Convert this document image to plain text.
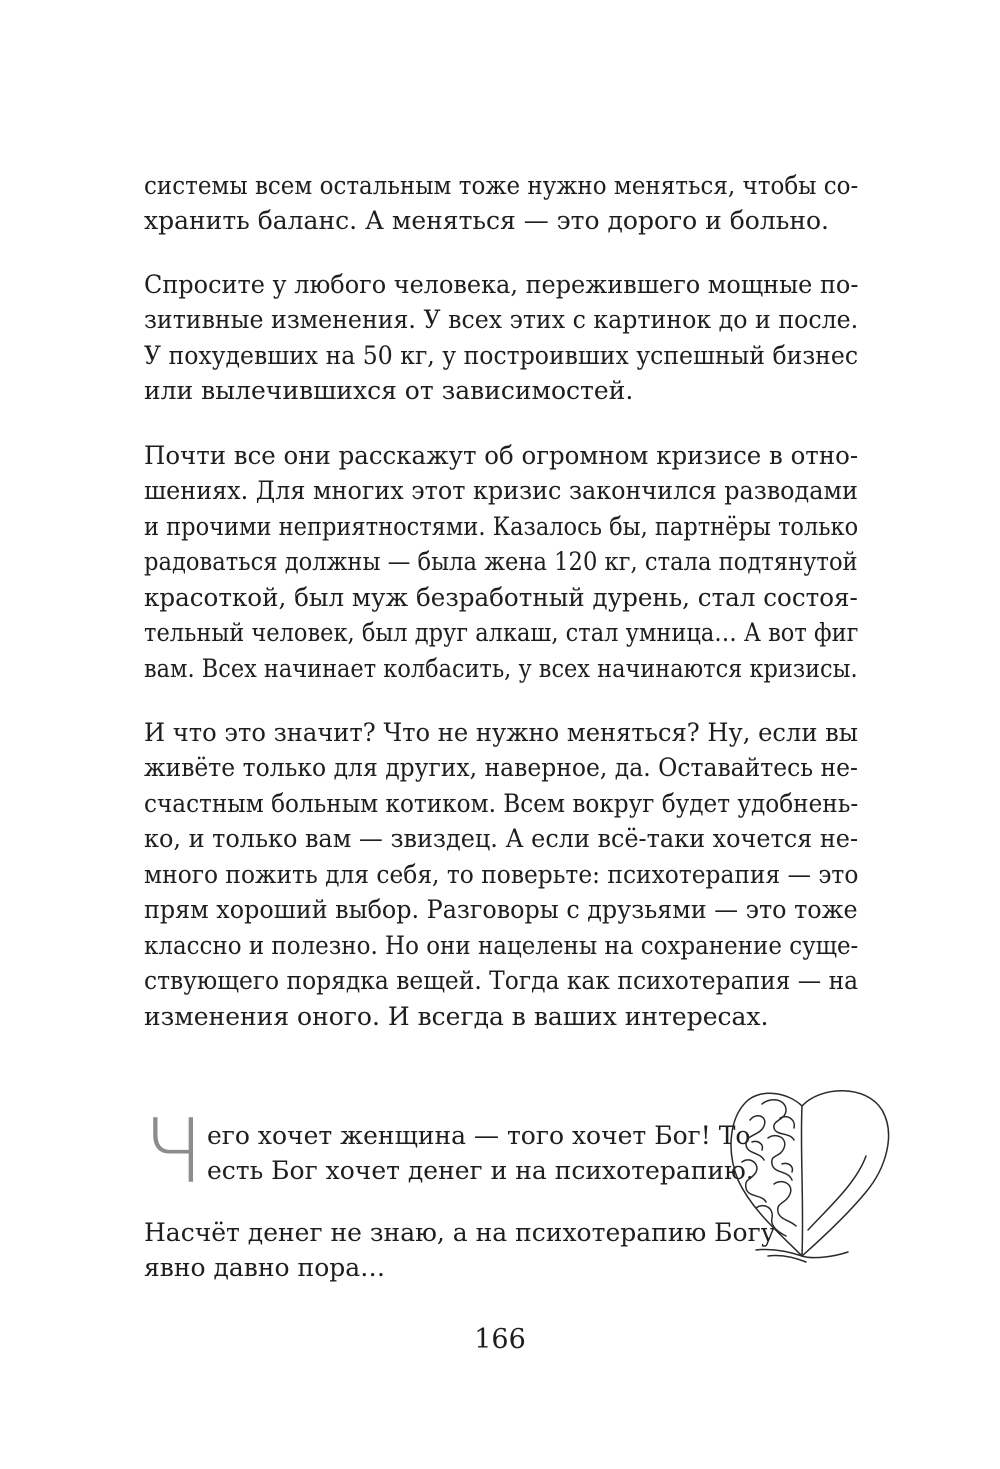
системы всем остальным тоже нужно меняться, чтобы со-
хранить баланс. А меняться — это дорого и больно.
Спросите у любого человека, пережившего мощные по-
зитивные изменения. У всех этих с картинок до и после.
У похудевших на 50 кг, у построивших успешный бизнес
или вылечившихся от зависимостей.
Почти все они расскажут об огромном кризисе в отно-
шениях. Для многих этот кризис закончился разводами
и прочими неприятностями. Казалось бы, партнёры только
радоваться должны — была жена 120 кг, стала подтянутой
красоткой, был муж безработный дурень, стал состоя-
тельный человек, был друг алкаш, стал умница… А вот фиг
вам. Всех начинает колбасить, у всех начинаются кризисы.
И что это значит? Что не нужно меняться? Ну, если вы
живёте только для других, наверное, да. Оставайтесь не-
счастным больным котиком. Всем вокруг будет удобнень-
ко, и только вам — звиздец. А если всё-таки хочется не-
много пожить для себя, то поверьте: психотерапия — это
прям хороший выбор. Разговоры с друзьями — это тоже
классно и полезно. Но они нацелены на сохранение суще-
ствующего порядка вещей. Тогда как психотерапия — на
изменения оного. И всегда в ваших интересах.
Ч его хочет женщина — того хочет Бог! То
есть Бог хочет денег и на психотерапию.
Насчёт денег не знаю, а на психотерапию Богу
явно давно пора…
166
